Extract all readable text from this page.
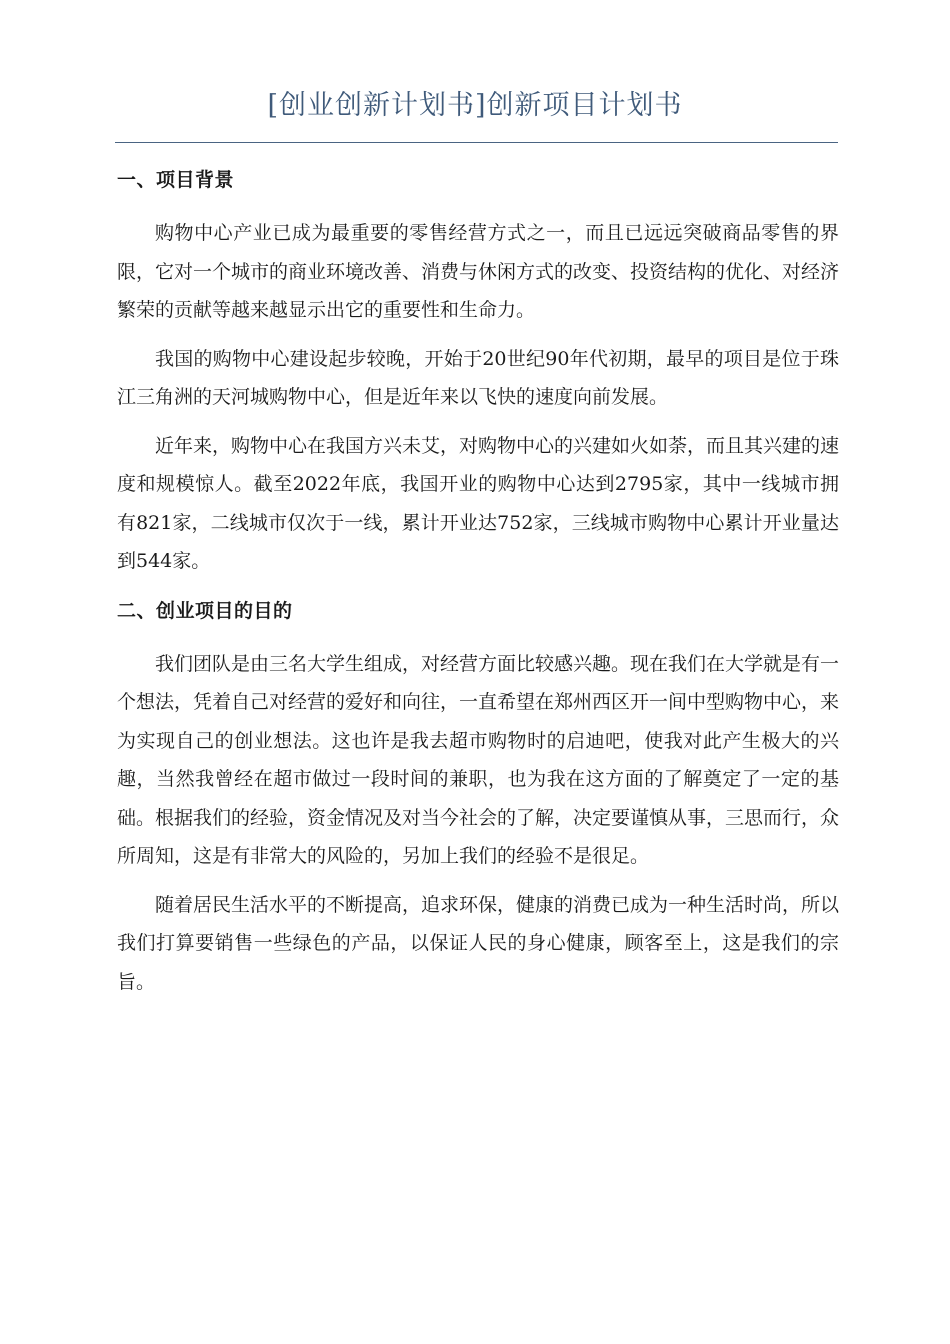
[创业创新计划书]创新项目计划书
一、项目背景

购物中心产业已成为最重要的零售经营方式之一，而且已远远突破商品零售的界限，它对一个城市的商业环境改善、消费与休闲方式的改变、投资结构的优化、对经济繁荣的贡献等越来越显示出它的重要性和生命力。

我国的购物中心建设起步较晚，开始于20世纪90年代初期，最早的项目是位于珠江三角洲的天河城购物中心，但是近年来以飞快的速度向前发展。

近年来，购物中心在我国方兴未艾，对购物中心的兴建如火如荼，而且其兴建的速度和规模惊人。截至2022年底，我国开业的购物中心达到2795家，其中一线城市拥有821家，二线城市仅次于一线，累计开业达752家，三线城市购物中心累计开业量达到544家。

二、创业项目的目的

我们团队是由三名大学生组成，对经营方面比较感兴趣。现在我们在大学就是有一个想法，凭着自己对经营的爱好和向往，一直希望在郑州西区开一间中型购物中心，来为实现自己的创业想法。这也许是我去超市购物时的启迪吧，使我对此产生极大的兴趣，当然我曾经在超市做过一段时间的兼职，也为我在这方面的了解奠定了一定的基础。根据我们的经验，资金情况及对当今社会的了解，决定要谨慎从事，三思而行，众所周知，这是有非常大的风险的，另加上我们的经验不是很足。

随着居民生活水平的不断提高，追求环保，健康的消费已成为一种生活时尚，所以我们打算要销售一些绿色的产品，以保证人民的身心健康，顾客至上，这是我们的宗旨。
